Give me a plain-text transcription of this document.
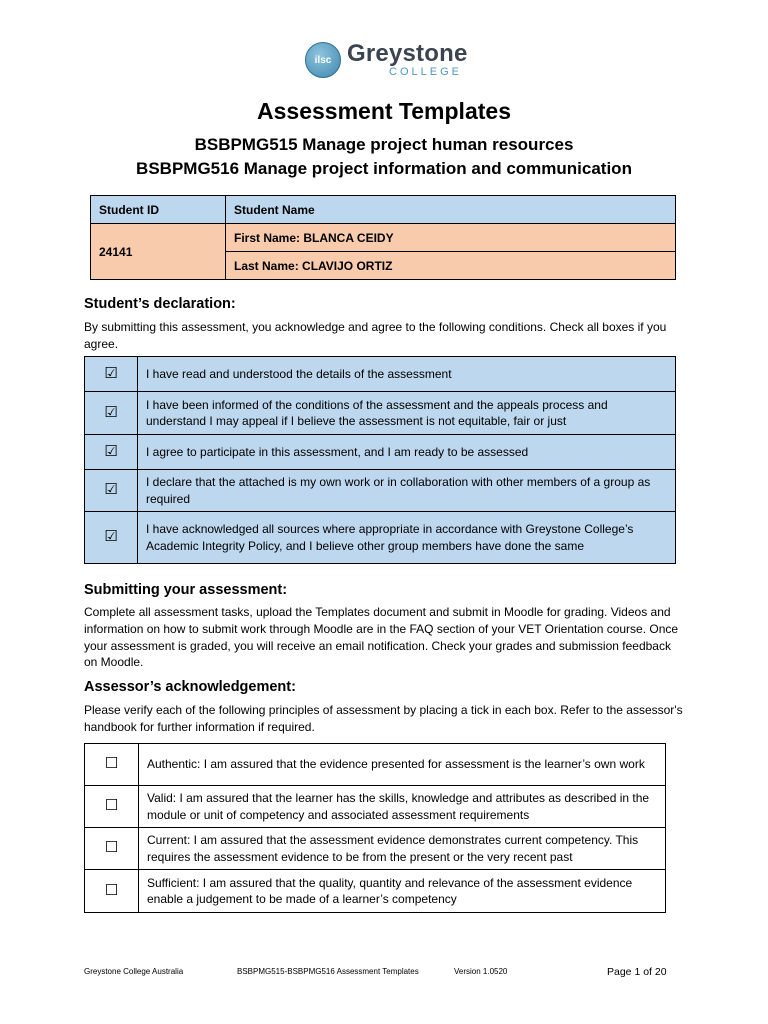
ilsc Greystone
COLLEGE
Assessment Templates
BSBPMG515 Manage project human resources
BSBPMG516 Manage project information and communication
Student ID	Student Name
24141	First Name: BLANCA CEIDY
	Last Name: CLAVIJO ORTIZ
Student’s declaration:
By submitting this assessment, you acknowledge and agree to the following conditions. Check all boxes if you agree.
☑	I have read and understood the details of the assessment
☑	I have been informed of the conditions of the assessment and the appeals process and understand I may appeal if I believe the assessment is not equitable, fair or just
☑	I agree to participate in this assessment, and I am ready to be assessed
☑	I declare that the attached is my own work or in collaboration with other members of a group as required
☑	I have acknowledged all sources where appropriate in accordance with Greystone College’s Academic Integrity Policy, and I believe other group members have done the same
Submitting your assessment:
Complete all assessment tasks, upload the Templates document and submit in Moodle for grading. Videos and information on how to submit work through Moodle are in the FAQ section of your VET Orientation course. Once your assessment is graded, you will receive an email notification. Check your grades and submission feedback on Moodle.
Assessor’s acknowledgement:
Please verify each of the following principles of assessment by placing a tick in each box. Refer to the assessor's handbook for further information if required.
☐	Authentic: I am assured that the evidence presented for assessment is the learner’s own work
☐	Valid: I am assured that the learner has the skills, knowledge and attributes as described in the module or unit of competency and associated assessment requirements
☐	Current: I am assured that the assessment evidence demonstrates current competency. This requires the assessment evidence to be from the present or the very recent past
☐	Sufficient: I am assured that the quality, quantity and relevance of the assessment evidence enable a judgement to be made of a learner’s competency
Greystone College Australia	BSBPMG515-BSBPMG516 Assessment Templates	Version 1.0520	Page 1 of 20
